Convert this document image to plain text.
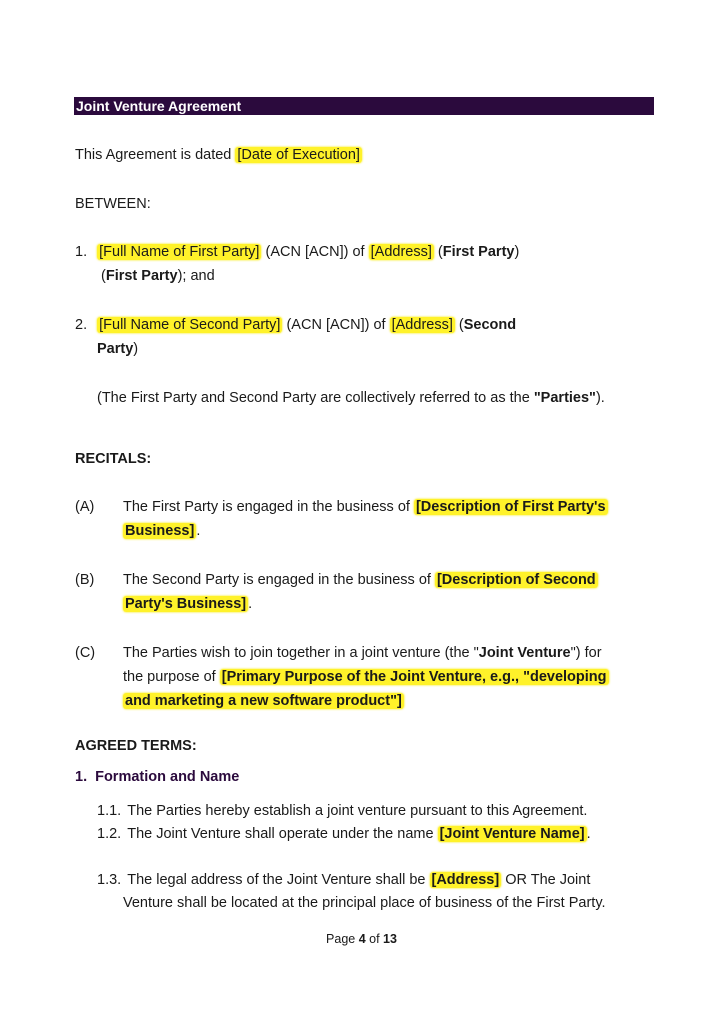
Joint Venture Agreement
This Agreement is dated [Date of Execution]
BETWEEN:
1. [Full Name of First Party] (ACN [ACN]) of [Address] (First Party)
(First Party); and
2. [Full Name of Second Party] (ACN [ACN]) of [Address] (Second
Party)
(The First Party and Second Party are collectively referred to as the "Parties").
RECITALS:
(A) The First Party is engaged in the business of [Description of First Party's
Business] .
(B) The Second Party is engaged in the business of [Description of Second
Party's Business] .
(C) The Parties wish to join together in a joint venture (the "Joint Venture") for
the purpose of [Primary Purpose of the Joint Venture, e.g., "developing
and marketing a new software product"]
AGREED TERMS:
1. Formation and Name
1.1. The Parties hereby establish a joint venture pursuant to this Agreement.
1.2. The Joint Venture shall operate under the name [Joint Venture Name] .
1.3. The legal address of the Joint Venture shall be [Address] OR The Joint
Venture shall be located at the principal place of business of the First Party.
Page 4 of 13
